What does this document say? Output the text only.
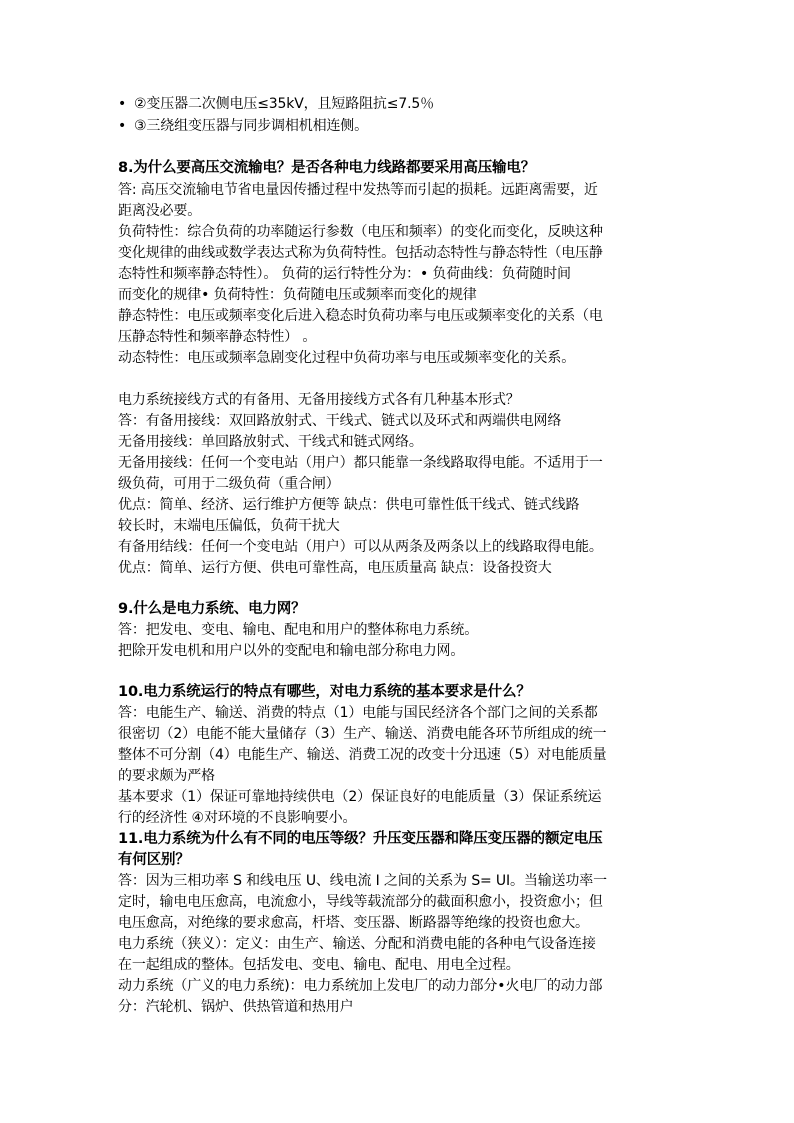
• ②变压器二次侧电压≤35kV，且短路阻抗≤7.5％
• ③三绕组变压器与同步调相机相连侧。
8.为什么要高压交流输电？是否各种电力线路都要采用高压输电？
答: 高压交流输电节省电量因传播过程中发热等而引起的损耗。远距离需要，近
距离没必要。
负荷特性：综合负荷的功率随运行参数（电压和频率）的变化而变化，反映这种
变化规律的曲线或数学表达式称为负荷特性。包括动态特性与静态特性（电压静
态特性和频率静态特性）。 负荷的运行特性分为：• 负荷曲线：负荷随时间
而变化的规律• 负荷特性：负荷随电压或频率而变化的规律
静态特性：电压或频率变化后进入稳态时负荷功率与电压或频率变化的关系（电
压静态特性和频率静态特性） 。
动态特性：电压或频率急剧变化过程中负荷功率与电压或频率变化的关系。
电力系统接线方式的有备用、无备用接线方式各有几种基本形式？
答：有备用接线：双回路放射式、干线式、链式以及环式和两端供电网络
无备用接线：单回路放射式、干线式和链式网络。
无备用接线：任何一个变电站（用户）都只能靠一条线路取得电能。不适用于一
级负荷，可用于二级负荷（重合闸）
优点：简单、经济、运行维护方便等 缺点：供电可靠性低干线式、链式线路
较长时，末端电压偏低，负荷干扰大
有备用结线：任何一个变电站（用户）可以从两条及两条以上的线路取得电能。
优点：简单、运行方便、供电可靠性高，电压质量高 缺点：设备投资大
9.什么是电力系统、电力网？
答：把发电、变电、输电、配电和用户的整体称电力系统。
把除开发电机和用户以外的变配电和输电部分称电力网。
10.电力系统运行的特点有哪些，对电力系统的基本要求是什么？
答：电能生产、输送、消费的特点（1）电能与国民经济各个部门之间的关系都
很密切（2）电能不能大量储存（3）生产、输送、消费电能各环节所组成的统一
整体不可分割（4）电能生产、输送、消费工况的改变十分迅速（5）对电能质量
的要求颇为严格
基本要求（1）保证可靠地持续供电（2）保证良好的电能质量（3）保证系统运
行的经济性 ④对环境的不良影响要小。
11.电力系统为什么有不同的电压等级？升压变压器和降压变压器的额定电压
有何区别？
答：因为三相功率 S 和线电压 U、线电流 I 之间的关系为 S= UI。当输送功率一
定时，输电电压愈高，电流愈小，导线等载流部分的截面积愈小，投资愈小；但
电压愈高，对绝缘的要求愈高，杆塔、变压器、断路器等绝缘的投资也愈大。
电力系统（狭义）：定义：由生产、输送、分配和消费电能的各种电气设备连接
在一起组成的整体。包括发电、变电、输电、配电、用电全过程。
动力系统（广义的电力系统)：电力系统加上发电厂的动力部分•火电厂的动力部
分：汽轮机、锅炉、供热管道和热用户
